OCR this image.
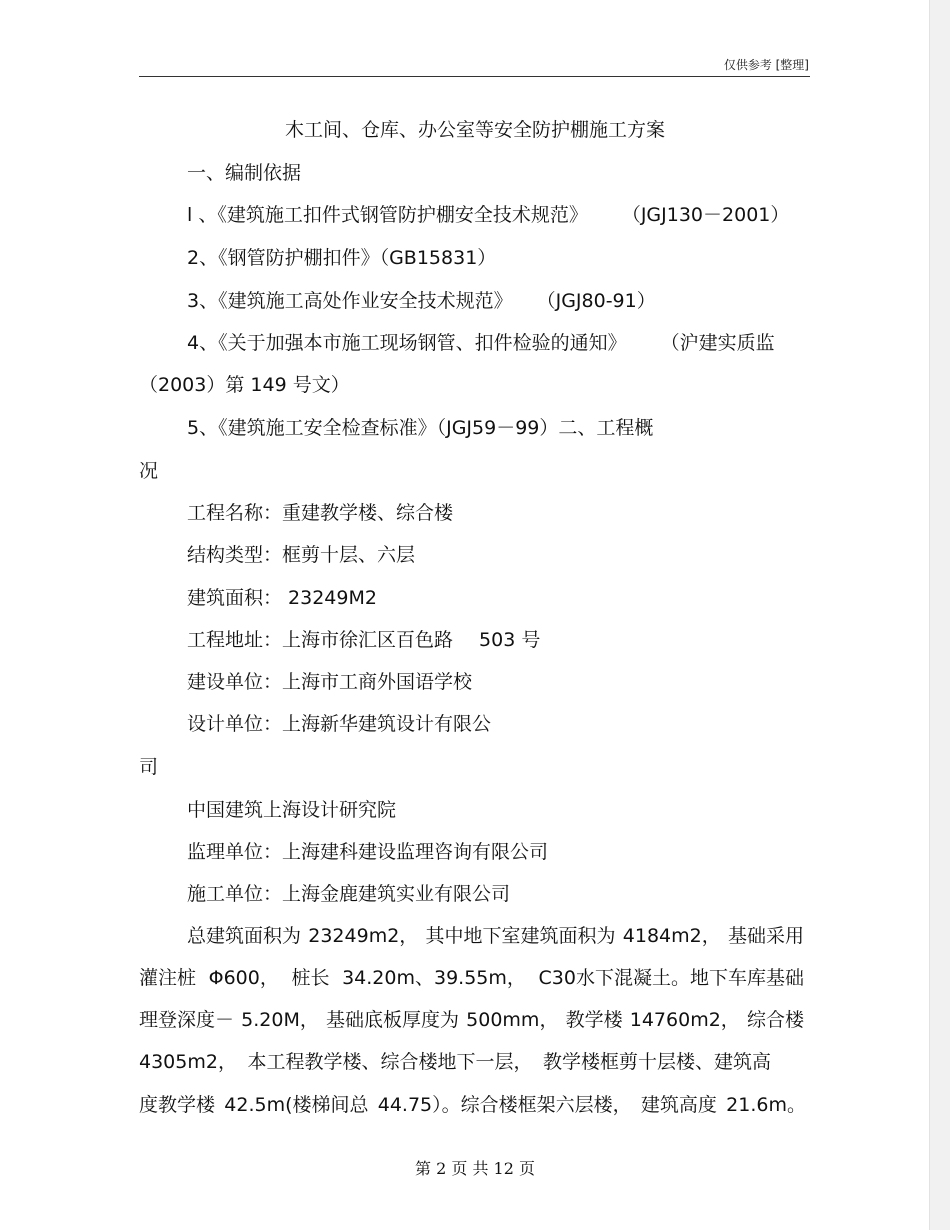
仅供参考 [整理]
木工间、仓库、办公室等安全防护棚施工方案
一、编制依据
l 、《建筑施工扣件式钢管防护棚安全技术规范》 （JGJ130－2001）
2、《钢管防护棚扣件》（GB15831）
3、《建筑施工高处作业安全技术规范》 （JGJ80-91）
4、《关于加强本市施工现场钢管、扣件检验的通知》 （沪建实质监
（2003）第 149 号文）
5、《建筑施工安全检查标准》（JGJ59－99）二、工程概
况
工程名称：重建教学楼、综合楼
结构类型：框剪十层、六层
建筑面积： 23249M2
工程地址：上海市徐汇区百色路 503 号
建设单位：上海市工商外国语学校
设计单位：上海新华建筑设计有限公
司
中国建筑上海设计研究院
监理单位：上海建科建设监理咨询有限公司
施工单位：上海金鹿建筑实业有限公司
总建筑面积为 23249m2， 其中地下室建筑面积为 4184m2， 基础采用
灌注桩 Φ600， 桩长 34.20m、39.55m， C30水下混凝土。地下车库基础
理登深度－ 5.20M， 基础底板厚度为 500mm， 教学楼 14760m2， 综合楼
4305m2， 本工程教学楼、综合楼地下一层， 教学楼框剪十层楼、建筑高
度教学楼 42.5m(楼梯间总 44.75）。综合楼框架六层楼， 建筑高度 21.6m。
第 2 页 共 12 页
